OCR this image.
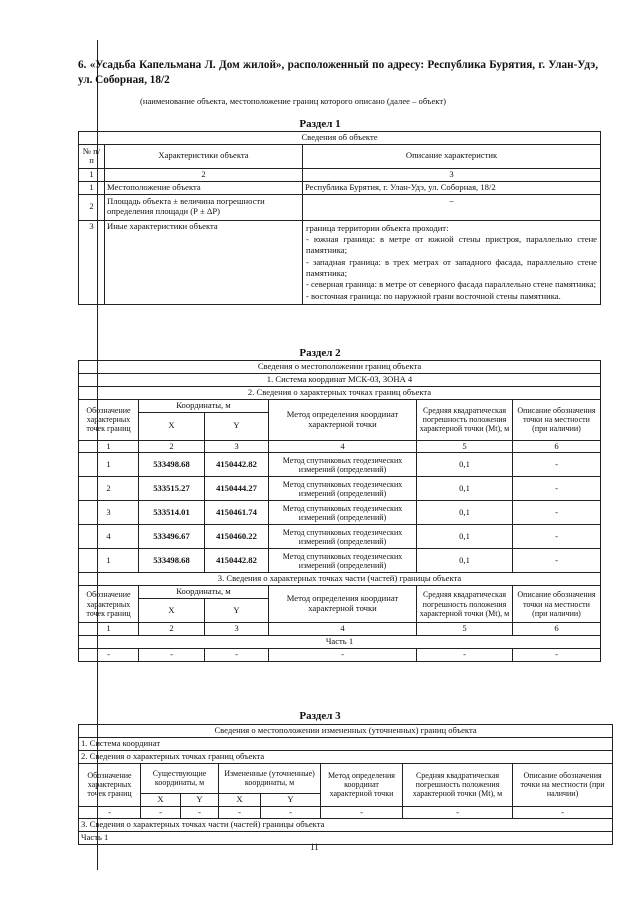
6. «Усадьба Капельмана Л. Дом жилой», расположенный по адресу: Республика Бурятия, г. Улан-Удэ, ул. Соборная, 18/2
(наименование объекта, местоположение границ которого описано (далее – объект)
Раздел 1
Сведения об объекте		
№ п/п	Характеристики объекта	Описание характеристик
1	2	3
1	Местоположение объекта	Республика Бурятия, г. Улан-Удэ, ул. Соборная, 18/2
2	Площадь объекта ± величина погрешности определения площади (Р ± ΔР)	–
3	Иные характеристики объекта	граница территории объекта проходит:
- южная граница: в метре от южной стены пристроя, параллельно стене памятника;
- западная граница: в трех метрах от западного фасада, параллельно стене памятника;
- северная граница: в метре от северного фасада параллельно стене памятника;
- восточная граница: по наружной грани восточной стены памятника.
Раздел 2
Сведения о местоположении границ объекта					
1. Система координат МСК-03, ЗОНА 4					
2. Сведения о характерных точках границ объекта					
Обозначение характерных точек границ	Координаты, м		Метод определения координат характерной точки	Средняя квадратическая погрешность положения характерной точки (Mt), м	Описание обозначения точки на местности (при наличии)
	X	Y			
1	2	3	4	5	6
1	533498.68	4150442.82	Метод спутниковых геодезических измерений (определений)	0,1	-
2	533515.27	4150444.27	Метод спутниковых геодезических измерений (определений)	0,1	-
3	533514.01	4150461.74	Метод спутниковых геодезических измерений (определений)	0,1	-
4	533496.67	4150460.22	Метод спутниковых геодезических измерений (определений)	0,1	-
1	533498.68	4150442.82	Метод спутниковых геодезических измерений (определений)	0,1	-
3. Сведения о характерных точках части (частей) границы объекта					
Обозначение характерных точек границ	Координаты, м		Метод определения координат характерной точки	Средняя квадратическая погрешность положения характерной точки (Mt), м	Описание обозначения точки на местности (при наличии)
	X	Y			
1	2	3	4	5	6
Часть 1					
-	-	-	-	-	-
Раздел 3
Сведения о местоположении измененных (уточненных) границ объекта							
1. Система координат							
2. Сведения о характерных точках границ объекта							
Обозначение характерных точек границ	Существующие координаты, м		Измененные (уточненные) координаты, м		Метод определения координат характерной точки	Средняя квадратическая погрешность положения характерной точки (Mt), м	Описание обозначения точки на местности (при наличии)
	X	Y	X	Y			
-	-	-	-	-	-	-	-
3. Сведения о характерных точках части (частей) границы объекта							
Часть 1							
11
